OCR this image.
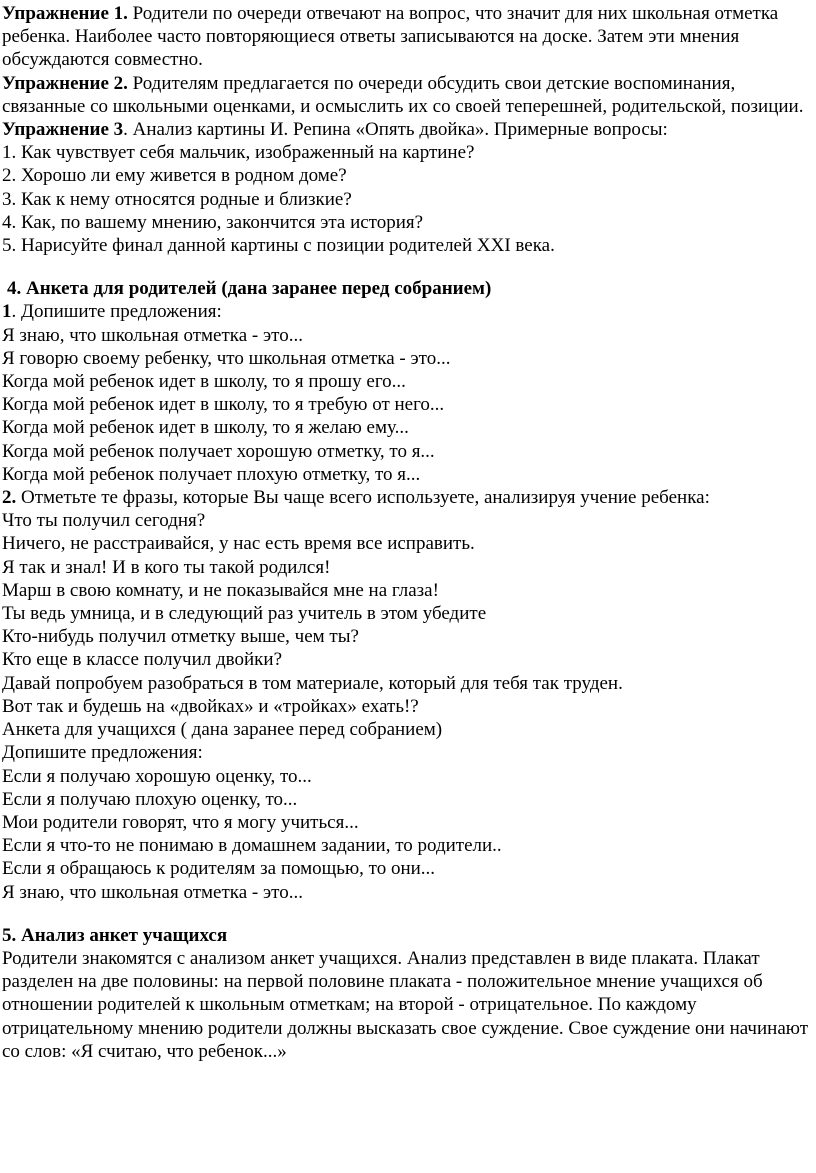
Упражнение 1. Родители по очереди отвечают на вопрос, что значит для них школьная отметка ребенка. Наиболее часто повторяющиеся ответы записываются на доске. Затем эти мнения обсуждаются совместно.

Упражнение 2. Родителям предлагается по очереди обсудить свои детские воспоминания, связанные со школьными оценками, и осмыслить их со своей теперешней, родительской, позиции.

Упражнение 3. Анализ картины И. Репина «Опять двойка». Примерные вопросы:

1. Как чувствует себя мальчик, изображенный на картине?

2. Хорошо ли ему живется в родном доме?

3. Как к нему относятся родные и близкие?

4. Как, по вашему мнению, закончится эта история?

5. Нарисуйте финал данной картины с позиции родителей XXI века.

4. Анкета для родителей (дана заранее перед собранием)

1. Допишите предложения:

Я знаю, что школьная отметка - это...

Я говорю своему ребенку, что школьная отметка - это...

Когда мой ребенок идет в школу, то я прошу его...

Когда мой ребенок идет в школу, то я требую от него...

Когда мой ребенок идет в школу, то я желаю ему...

Когда мой ребенок получает хорошую отметку, то я...

Когда мой ребенок получает плохую отметку, то я...

2. Отметьте те фразы, которые Вы чаще всего используете, анализируя учение ребенка:

Что ты получил сегодня?

Ничего, не расстраивайся, у нас есть время все исправить.

Я так и знал! И в кого ты такой родился!

Марш в свою комнату, и не показывайся мне на глаза!

Ты ведь умница, и в следующий раз учитель в этом убедите

Кто-нибудь получил отметку выше, чем ты?

Кто еще в классе получил двойки?

Давай попробуем разобраться в том материале, который для тебя так труден.

Вот так и будешь на «двойках» и «тройках» ехать!?

Анкета для учащихся ( дана заранее перед собранием)

Допишите предложения:

Если я получаю хорошую оценку, то...

Если я получаю плохую оценку, то...

Мои родители говорят, что я могу учиться...

Если я что-то не понимаю в домашнем задании, то родители..

Если я обращаюсь к родителям за помощью, то они...

Я знаю, что школьная отметка - это...

5. Анализ анкет учащихся

Родители знакомятся с анализом анкет учащихся. Анализ представлен в виде плаката. Плакат разделен на две половины: на первой половине плаката - положительное мнение учащихся об отношении родителей к школьным отметкам; на второй - отрицательное. По каждому отрицательному мнению родители должны высказать свое суждение. Свое суждение они начинают со слов: «Я считаю, что ребенок...»
